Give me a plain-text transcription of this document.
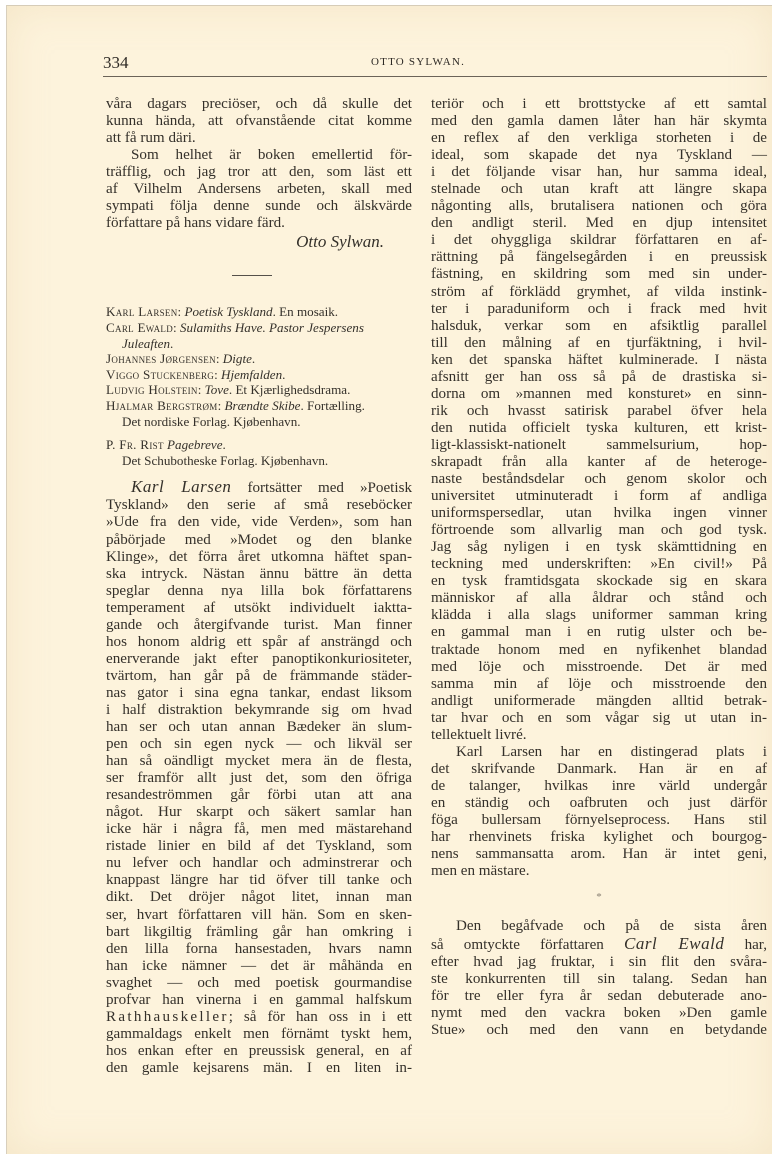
334	OTTO SYLWAN.
våra dagars preciöser, och då skulle det
kunna hända, att ofvanstående citat komme
att få rum däri.
Som helhet är boken emellertid för-
träfflig, och jag tror att den, som läst ett
af Vilhelm Andersens arbeten, skall med
sympati följa denne sunde och älskvärde
författare på hans vidare färd.
Otto Sylwan.
Karl Larsen: Poetisk Tyskland. En mosaik.
Carl Ewald: Sulamiths Have. Pastor Jespersens Juleaften.
Johannes Jørgensen: Digte.
Viggo Stuckenberg: Hjemfalden.
Ludvig Holstein: Tove. Et Kjærlighedsdrama.
Hjalmar Bergstrøm: Brændte Skibe. Fortælling.
Det nordiske Forlag. Kjøbenhavn.
P. Fr. Rist Pagebreve.
Det Schubotheske Forlag. Kjøbenhavn.
Karl Larsen fortsätter med »Poetisk
Tyskland» den serie af små reseböcker
»Ude fra den vide, vide Verden», som han
påbörjade med »Modet og den blanke
Klinge», det förra året utkomna häftet span-
ska intryck. Nästan ännu bättre än detta
speglar denna nya lilla bok författarens
temperament af utsökt individuelt iaktta-
gande och återgifvande turist. Man finner
hos honom aldrig ett spår af ansträngd och
enerverande jakt efter panoptikonkuriositeter,
tvärtom, han går på de främmande städer-
nas gator i sina egna tankar, endast liksom
i half distraktion bekymrande sig om hvad
han ser och utan annan Bædeker än slum-
pen och sin egen nyck — och likväl ser
han så oändligt mycket mera än de flesta,
ser framför allt just det, som den öfriga
resandeströmmen går förbi utan att ana
något. Hur skarpt och säkert samlar han
icke här i några få, men med mästarehand
ristade linier en bild af det Tyskland, som
nu lefver och handlar och adminstrerar och
knappast längre har tid öfver till tanke och
dikt. Det dröjer något litet, innan man
ser, hvart författaren vill hän. Som en sken-
bart likgiltig främling går han omkring i
den lilla forna hansestaden, hvars namn
han icke nämner — det är måhända en
svaghet — och med poetisk gourmandise
profvar han vinerna i en gammal halfskum
Rathhauskeller; så för han oss in i ett
gammaldags enkelt men förnämt tyskt hem,
hos enkan efter en preussisk general, en af
den gamle kejsarens män. I en liten in-
teriör och i ett brottstycke af ett samtal
med den gamla damen låter han här skymta
en reflex af den verkliga storheten i de
ideal, som skapade det nya Tyskland —
i det följande visar han, hur samma ideal,
stelnade och utan kraft att längre skapa
någonting alls, brutalisera nationen och göra
den andligt steril. Med en djup intensitet
i det ohyggliga skildrar författaren en af-
rättning på fängelsegården i en preussisk
fästning, en skildring som med sin under-
ström af förklädd grymhet, af vilda instink-
ter i paraduniform och i frack med hvit
halsduk, verkar som en afsiktlig parallel
till den målning af en tjurfäktning, i hvil-
ken det spanska häftet kulminerade. I nästa
afsnitt ger han oss så på de drastiska si-
dorna om »mannen med konsturet» en sinn-
rik och hvasst satirisk parabel öfver hela
den nutida officielt tyska kulturen, ett krist-
ligt-klassiskt-nationelt sammelsurium, hop-
skrapadt från alla kanter af de heteroge-
naste beståndsdelar och genom skolor och
universitet utminuteradt i form af andliga
uniformspersedlar, utan hvilka ingen vinner
förtroende som allvarlig man och god tysk.
Jag såg nyligen i en tysk skämttidning en
teckning med underskriften: »En civil!» På
en tysk framtidsgata skockade sig en skara
människor af alla åldrar och stånd och
klädda i alla slags uniformer samman kring
en gammal man i en rutig ulster och be-
traktade honom med en nyfikenhet blandad
med löje och misstroende. Det är med
samma min af löje och misstroende den
andligt uniformerade mängden alltid betrak-
tar hvar och en som vågar sig ut utan in-
tellektuelt livré.
Karl Larsen har en distingerad plats i
det skrifvande Danmark. Han är en af
de talanger, hvilkas inre värld undergår
en ständig och oafbruten och just därför
föga bullersam förnyelseprocess. Hans stil
har rhenvinets friska kylighet och bourgog-
nens sammansatta arom. Han är intet geni,
men en mästare.
*
Den begåfvade och på de sista åren
så omtyckte författaren Carl Ewald har,
efter hvad jag fruktar, i sin flit den svåra-
ste konkurrenten till sin talang. Sedan han
för tre eller fyra år sedan debuterade ano-
nymt med den vackra boken »Den gamle
Stue» och med den vann en betydande
